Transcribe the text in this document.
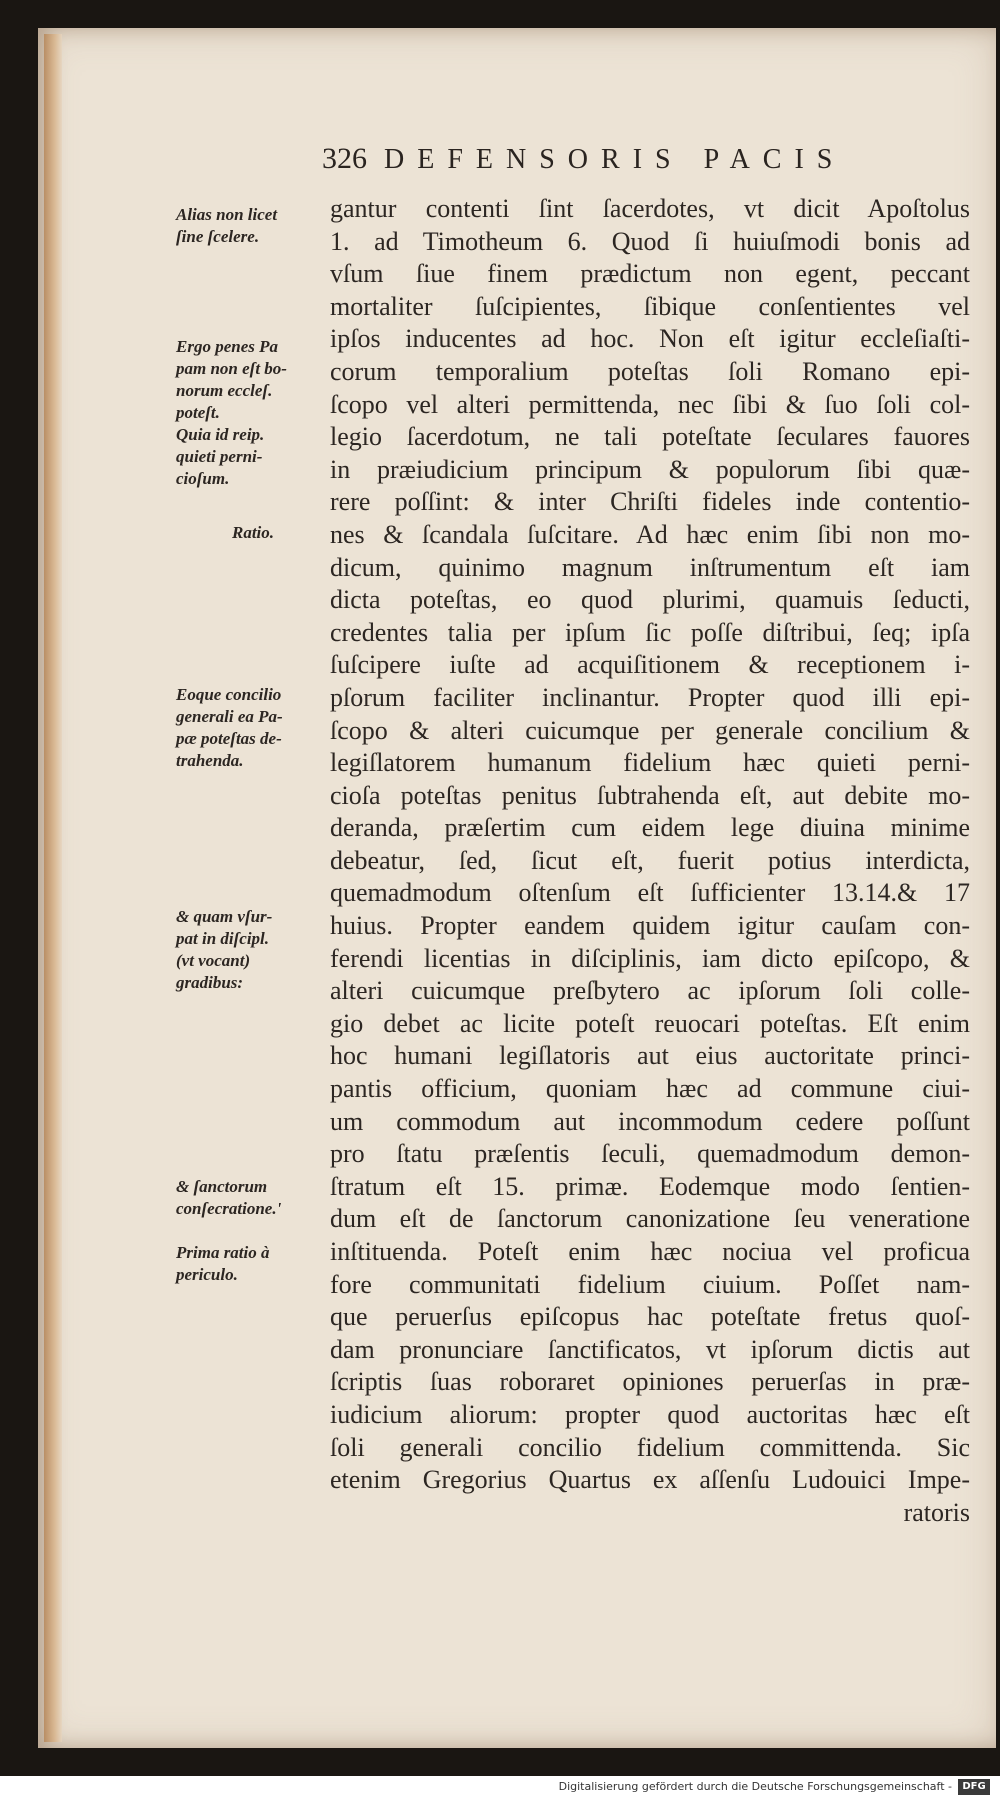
326 DEFENSORIS PACIS
Alias non licet
ſine ſcelere.
Ergo penes Pa
pam non eſt bo-
norum eccleſ.
poteſt.
Quia id reip.
quieti perni-
cioſum.
Ratio.
Eoque concilio
generali ea Pa-
pæ poteſtas de-
trahenda.
& quam vſur-
pat in diſcipl.
(vt vocant)
gradibus:
& ſanctorum
conſecratione.'
Prima ratio à
periculo.
gantur contenti ſint ſacerdotes, vt dicit Apoſtolus
1. ad Timotheum 6. Quod ſi huiuſmodi bonis ad
vſum ſiue finem prædictum non egent, peccant
mortaliter ſuſcipientes, ſibique conſentientes vel
ipſos inducentes ad hoc. Non eſt igitur eccleſiaſti-
corum temporalium poteſtas ſoli Romano epi-
ſcopo vel alteri permittenda, nec ſibi & ſuo ſoli col-
legio ſacerdotum, ne tali poteſtate ſeculares fauores
in præiudicium principum & populorum ſibi quæ-
rere poſſint: & inter Chriſti fideles inde contentio-
nes & ſcandala ſuſcitare. Ad hæc enim ſibi non mo-
dicum, quinimo magnum inſtrumentum eſt iam
dicta poteſtas, eo quod plurimi, quamuis ſeducti,
credentes talia per ipſum ſic poſſe diſtribui, ſeq; ipſa
ſuſcipere iuſte ad acquiſitionem & receptionem i-
pſorum faciliter inclinantur. Propter quod illi epi-
ſcopo & alteri cuicumque per generale concilium &
legiſlatorem humanum fidelium hæc quieti perni-
cioſa poteſtas penitus ſubtrahenda eſt, aut debite mo-
deranda, præſertim cum eidem lege diuina minime
debeatur, ſed, ſicut eſt, fuerit potius interdicta,
quemadmodum oſtenſum eſt ſufficienter 13.14.& 17
huius. Propter eandem quidem igitur cauſam con-
ferendi licentias in diſciplinis, iam dicto epiſcopo, &
alteri cuicumque preſbytero ac ipſorum ſoli colle-
gio debet ac licite poteſt reuocari poteſtas. Eſt enim
hoc humani legiſlatoris aut eius auctoritate princi-
pantis officium, quoniam hæc ad commune ciui-
um commodum aut incommodum cedere poſſunt
pro ſtatu præſentis ſeculi, quemadmodum demon-
ſtratum eſt 15. primæ. Eodemque modo ſentien-
dum eſt de ſanctorum canonizatione ſeu veneratione
inſtituenda. Poteſt enim hæc nociua vel proficua
fore communitati fidelium ciuium. Poſſet nam-
que peruerſus epiſcopus hac poteſtate fretus quoſ-
dam pronunciare ſanctificatos, vt ipſorum dictis aut
ſcriptis ſuas roboraret opiniones peruerſas in præ-
iudicium aliorum: propter quod auctoritas hæc eſt
ſoli generali concilio fidelium committenda. Sic
etenim Gregorius Quartus ex aſſenſu Ludouici Impe-
ratoris
Digitalisierung gefördert durch die Deutsche Forschungsgemeinschaft -	DFG
